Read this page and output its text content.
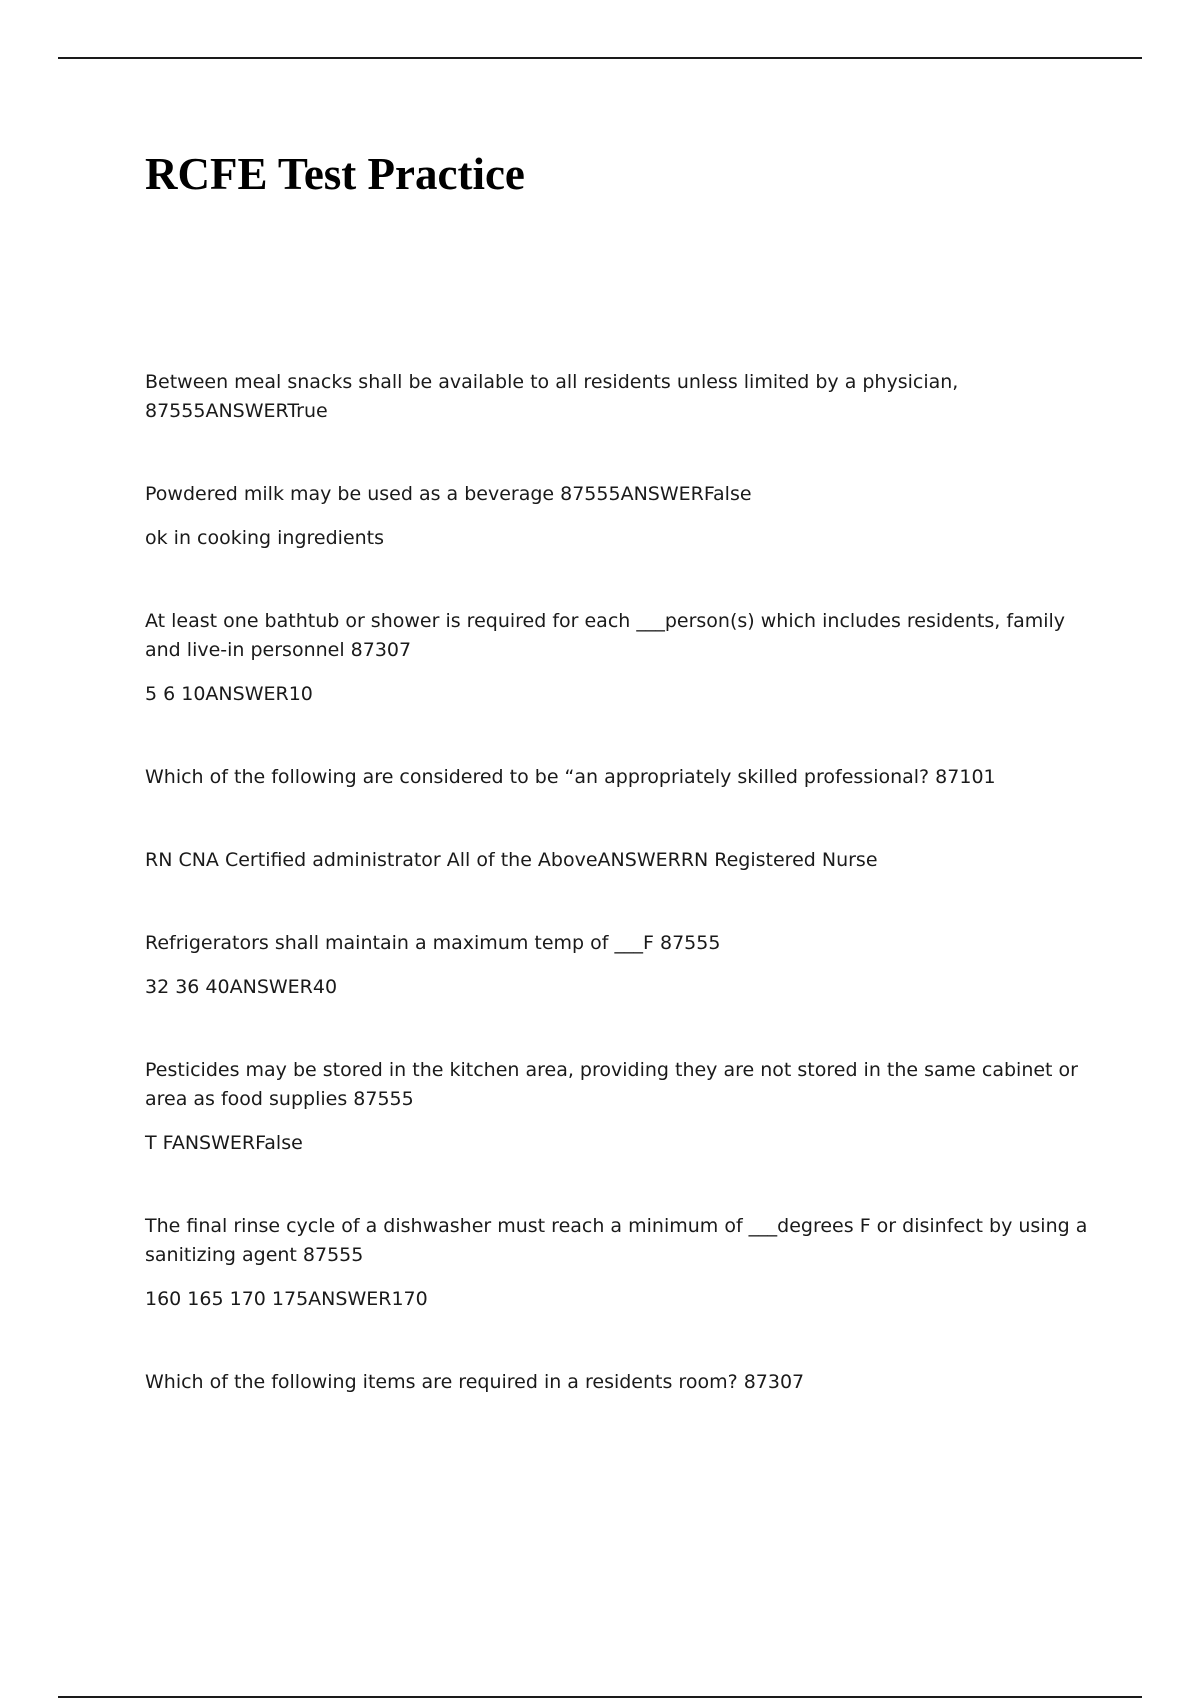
RCFE Test Practice

Between meal snacks shall be available to all residents unless limited by a physician, 87555ANSWERTrue

Powdered milk may be used as a beverage 87555ANSWERFalse

ok in cooking ingredients

At least one bathtub or shower is required for each ___person(s) which includes residents, family and live-in personnel 87307

5 6 10ANSWER10

Which of the following are considered to be “an appropriately skilled professional? 87101

RN CNA Certified administrator All of the AboveANSWERRN Registered Nurse

Refrigerators shall maintain a maximum temp of ___F 87555

32 36 40ANSWER40

Pesticides may be stored in the kitchen area, providing they are not stored in the same cabinet or area as food supplies 87555

T FANSWERFalse

The final rinse cycle of a dishwasher must reach a minimum of ___degrees F or disinfect by using a sanitizing agent 87555

160 165 170 175ANSWER170

Which of the following items are required in a residents room? 87307
